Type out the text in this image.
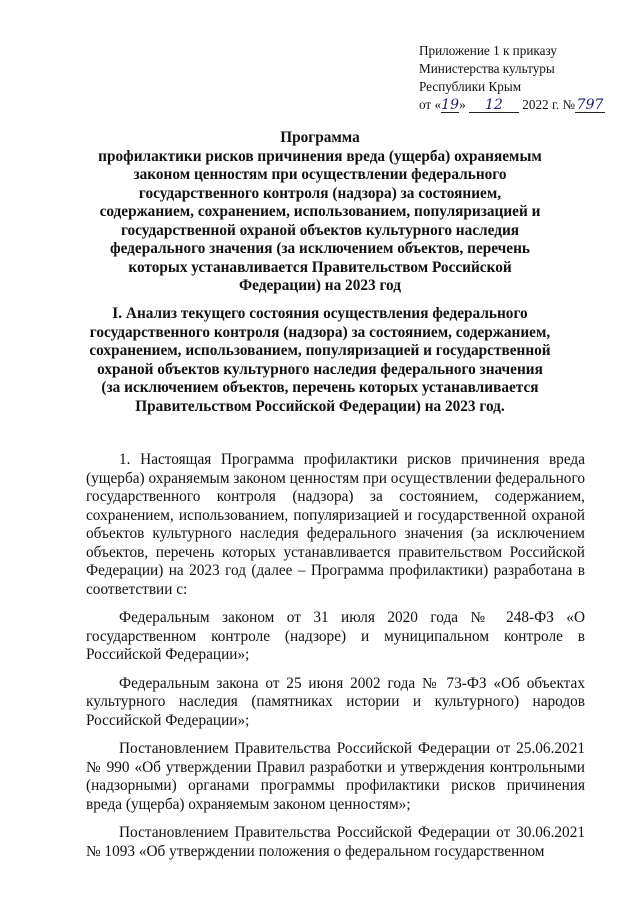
Приложение 1 к приказу
Министерства культуры
Республики Крым
от «19» 12 2022 г. № 797
Программа
профилактики рисков причинения вреда (ущерба) охраняемым законом ценностям при осуществлении федерального государственного контроля (надзора) за состоянием, содержанием, сохранением, использованием, популяризацией и государственной охраной объектов культурного наследия федерального значения (за исключением объектов, перечень которых устанавливается Правительством Российской Федерации) на 2023 год
I. Анализ текущего состояния осуществления федерального государственного контроля (надзора) за состоянием, содержанием, сохранением, использованием, популяризацией и государственной охраной объектов культурного наследия федерального значения (за исключением объектов, перечень которых устанавливается Правительством Российской Федерации) на 2023 год.

1. Настоящая Программа профилактики рисков причинения вреда (ущерба) охраняемым законом ценностям при осуществлении федерального государственного контроля (надзора) за состоянием, содержанием, сохранением, использованием, популяризацией и государственной охраной объектов культурного наследия федерального значения (за исключением объектов, перечень которых устанавливается правительством Российской Федерации) на 2023 год (далее – Программа профилактики) разработана в соответствии с:

Федеральным законом от 31 июля 2020 года № 248-ФЗ «О государственном контроле (надзоре) и муниципальном контроле в Российской Федерации»;

Федеральным закона от 25 июня 2002 года № 73-ФЗ «Об объектах культурного наследия (памятниках истории и культурного) народов Российской Федерации»;

Постановлением Правительства Российской Федерации от 25.06.2021 № 990 «Об утверждении Правил разработки и утверждения контрольными (надзорными) органами программы профилактики рисков причинения вреда (ущерба) охраняемым законом ценностям»;

Постановлением Правительства Российской Федерации от 30.06.2021 № 1093 «Об утверждении положения о федеральном государственном
